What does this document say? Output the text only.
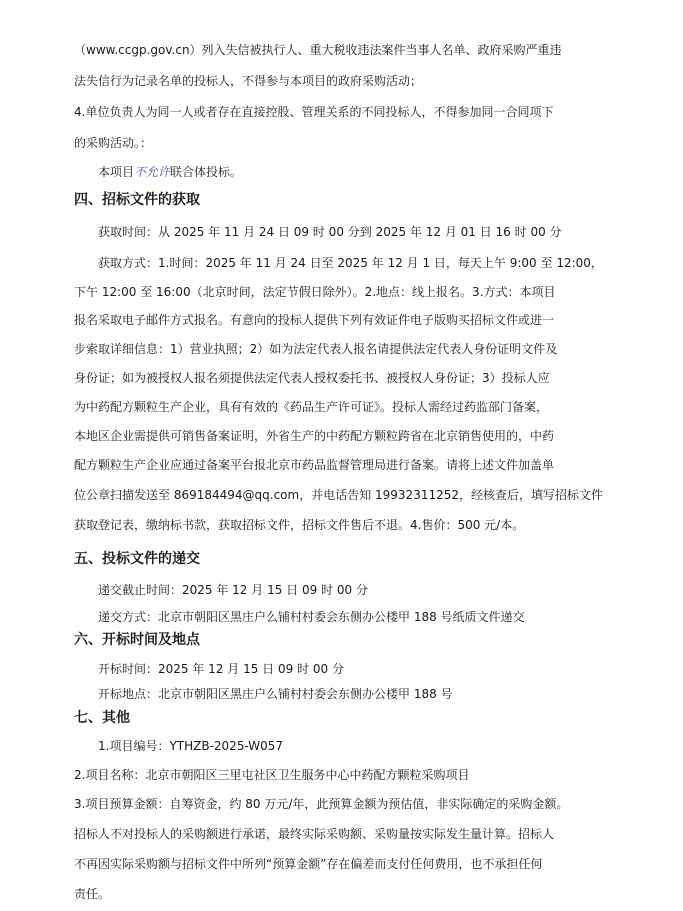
（www.ccgp.gov.cn）列入失信被执行人、重大税收违法案件当事人名单、政府采购严重违
法失信行为记录名单的投标人，不得参与本项目的政府采购活动；
4.单位负责人为同一人或者存在直接控股、管理关系的不同投标人，不得参加同一合同项下
的采购活动。：
本项目不允许联合体投标。
四、招标文件的获取
获取时间：从 2025 年 11 月 24 日 09 时 00 分到 2025 年 12 月 01 日 16 时 00 分
获取方式：1.时间：2025 年 11 月 24 日至 2025 年 12 月 1 日，每天上午 9:00 至 12:00，
下午 12:00 至 16:00（北京时间，法定节假日除外）。2.地点：线上报名。3.方式：本项目
报名采取电子邮件方式报名。有意向的投标人提供下列有效证件电子版购买招标文件或进一
步索取详细信息：1）营业执照；2）如为法定代表人报名请提供法定代表人身份证明文件及
身份证；如为被授权人报名须提供法定代表人授权委托书、被授权人身份证；3）投标人应
为中药配方颗粒生产企业，具有有效的《药品生产许可证》。投标人需经过药监部门备案，
本地区企业需提供可销售备案证明，外省生产的中药配方颗粒跨省在北京销售使用的，中药
配方颗粒生产企业应通过备案平台报北京市药品监督管理局进行备案。请将上述文件加盖单
位公章扫描发送至 869184494@qq.com，并电话告知 19932311252，经核查后，填写招标文件
获取登记表，缴纳标书款，获取招标文件，招标文件售后不退。4.售价：500 元/本。
五、投标文件的递交
递交截止时间：2025 年 12 月 15 日 09 时 00 分
递交方式：北京市朝阳区黑庄户么铺村村委会东侧办公楼甲 188 号纸质文件递交
六、开标时间及地点
开标时间：2025 年 12 月 15 日 09 时 00 分
开标地点：北京市朝阳区黑庄户么铺村村委会东侧办公楼甲 188 号
七、其他
1.项目编号：YTHZB-2025-W057
2.项目名称：北京市朝阳区三里屯社区卫生服务中心中药配方颗粒采购项目
3.项目预算金额：自筹资金，约 80 万元/年，此预算金额为预估值，非实际确定的采购金额。
招标人不对投标人的采购额进行承诺，最终实际采购额、采购量按实际发生量计算。招标人
不再因实际采购额与招标文件中所列“预算金额”存在偏差而支付任何费用，也不承担任何
责任。
